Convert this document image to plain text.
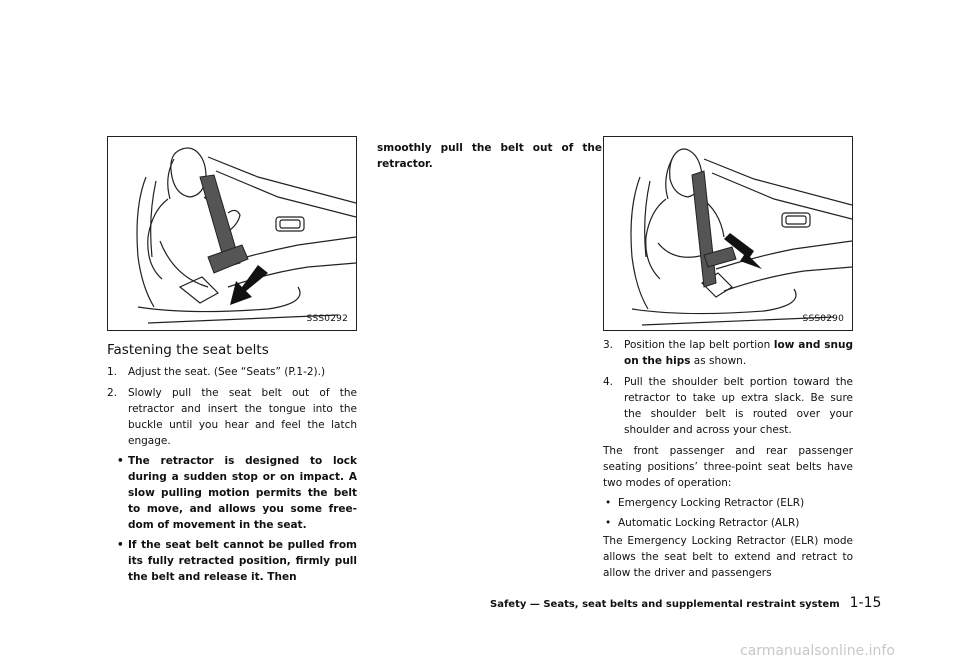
SSS0292	SSS0290
Fastening the seat belts
1. Adjust the seat. (See “Seats” (P.1-2).)
2. Slowly pull the seat belt out of the retractor and insert the tongue into the buckle until you hear and feel the latch engage.
• The retractor is designed to lock during a sudden stop or on impact. A slow pulling motion permits the belt to move, and allows you some free-dom of movement in the seat.
• If the seat belt cannot be pulled from its fully retracted position, firmly pull the belt and release it. Then

smoothly pull the belt out of the retractor.

3. Position the lap belt portion low and snug on the hips as shown.
4. Pull the shoulder belt portion toward the retractor to take up extra slack. Be sure the shoulder belt is routed over your shoulder and across your chest.

The front passenger and rear passenger seating positions’ three-point seat belts have two modes of operation:

• Emergency Locking Retractor (ELR)
• Automatic Locking Retractor (ALR)

The Emergency Locking Retractor (ELR) mode allows the seat belt to extend and retract to allow the driver and passengers

Safety — Seats, seat belts and supplemental restraint system 1-15
carmanualsonline.info
